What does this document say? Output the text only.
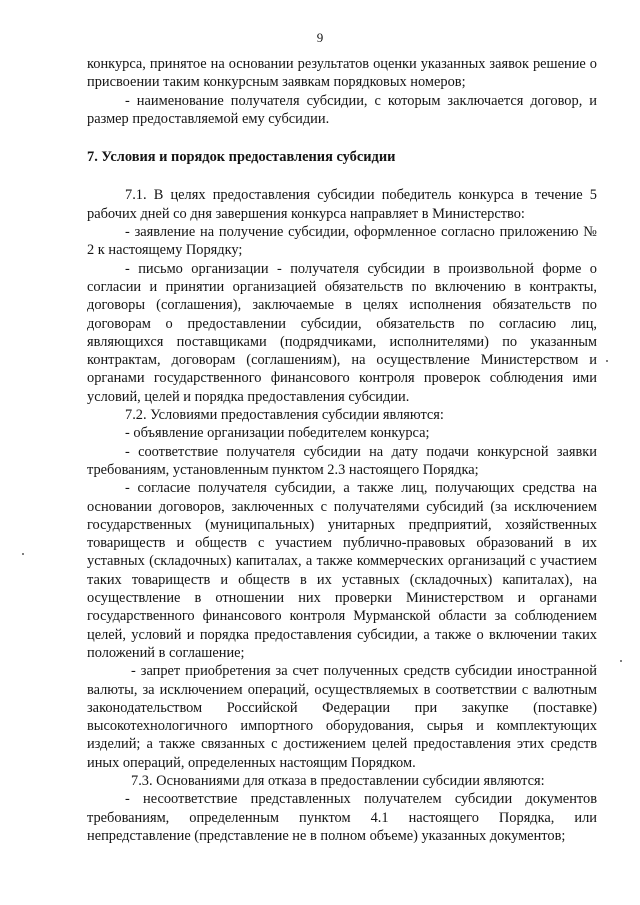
9

конкурса, принятое на основании результатов оценки указанных заявок решение о присвоении таким конкурсным заявкам порядковых номеров;

- наименование получателя субсидии, с которым заключается договор, и размер предоставляемой ему субсидии.

7. Условия и порядок предоставления субсидии

7.1. В целях предоставления субсидии победитель конкурса в течение 5 рабочих дней со дня завершения конкурса направляет в Министерство:

- заявление на получение субсидии, оформленное согласно приложению № 2 к настоящему Порядку;

- письмо организации - получателя субсидии в произвольной форме о согласии и принятии организацией обязательств по включению в контракты, договоры (соглашения), заключаемые в целях исполнения обязательств по договорам о предоставлении субсидии, обязательств по согласию лиц, являющихся поставщиками (подрядчиками, исполнителями) по указанным контрактам, договорам (соглашениям), на осуществление Министерством и органами государственного финансового контроля проверок соблюдения ими условий, целей и порядка предоставления субсидии.

7.2. Условиями предоставления субсидии являются:

- объявление организации победителем конкурса;

- соответствие получателя субсидии на дату подачи конкурсной заявки требованиям, установленным пунктом 2.3 настоящего Порядка;

- согласие получателя субсидии, а также лиц, получающих средства на основании договоров, заключенных с получателями субсидий (за исключением государственных (муниципальных) унитарных предприятий, хозяйственных товариществ и обществ с участием публично-правовых образований в их уставных (складочных) капиталах, а также коммерческих организаций с участием таких товариществ и обществ в их уставных (складочных) капиталах), на осуществление в отношении них проверки Министерством и органами государственного финансового контроля Мурманской области за соблюдением целей, условий и порядка предоставления субсидии, а также о включении таких положений в соглашение;

- запрет приобретения за счет полученных средств субсидии иностранной валюты, за исключением операций, осуществляемых в соответствии с валютным законодательством Российской Федерации при закупке (поставке) высокотехнологичного импортного оборудования, сырья и комплектующих изделий; а также связанных с достижением целей предоставления этих средств иных операций, определенных настоящим Порядком.

7.3. Основаниями для отказа в предоставлении субсидии являются:

- несоответствие представленных получателем субсидии документов требованиям, определенным пунктом 4.1 настоящего Порядка, или непредставление (представление не в полном объеме) указанных документов;
